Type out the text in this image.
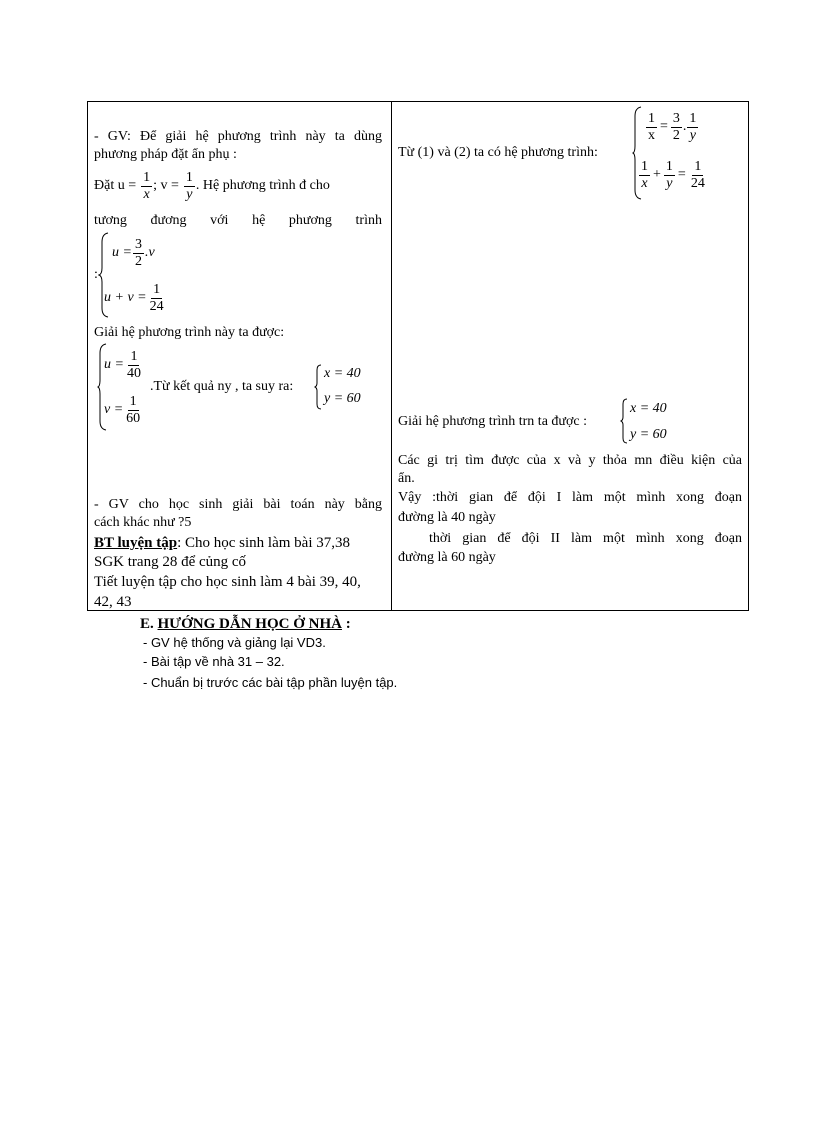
- GV: Để giải hệ phương trình này ta dùng
phương pháp đặt ẩn phụ :
Đặt $u = \frac{1}{x}$ ; $v = \frac{1}{y}$ . Hệ phương trình đ cho
tương đương với hệ phương trình
:
$u = \frac{3}{2} .v$
$u + v = \frac{1}{24}$
Giải hệ phương trình này ta được:
$u = \frac{1}{40}$
$v = \frac{1}{60}$
.Từ kết quả ny , ta suy ra:
x = 40
y = 60
- GV cho học sinh giải bài toán này bằng
cách khác như ?5
BT luyện tập: Cho học sinh làm bài 37,38
SGK trang 28 để củng cố
Tiết luyện tập cho học sinh làm 4 bài 39, 40,
42, 43
Từ (1) và (2) ta có hệ phương trình:
$\frac{1}{x} = \frac{3}{2}$ . $\frac{1}{y}$
$\frac{1}{x} + \frac{1}{y} = \frac{1}{24}$
Giải hệ phương trình trn ta được :
x = 40
y = 60
Các gi trị tìm được của x và y thỏa mn điều kiện của
ẩn.
Vậy :thời gian để đội I làm một mình xong đoạn
đường là 40 ngày
thời gian để đội II làm một mình xong đoạn
đường là 60 ngày
E. HƯỚNG DẪN HỌC Ở NHÀ :
- GV hệ thống và giảng lại VD3.
- Bài tập về nhà 31 – 32.
- Chuẩn bị trước các bài tập phần luyện tập.
